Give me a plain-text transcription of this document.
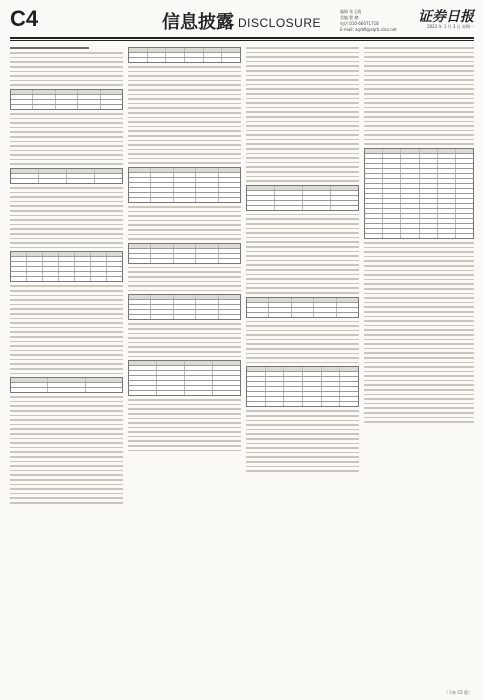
C4	信息披露 DISCLOSURE
编辑 张玉霞
美编 程 鹏
电话 010-66071718
E-mail: zqrb9@zqrb.sina.net
证券日报
2022 年 1 月 3 日 星期一
（下转 C5 版）
